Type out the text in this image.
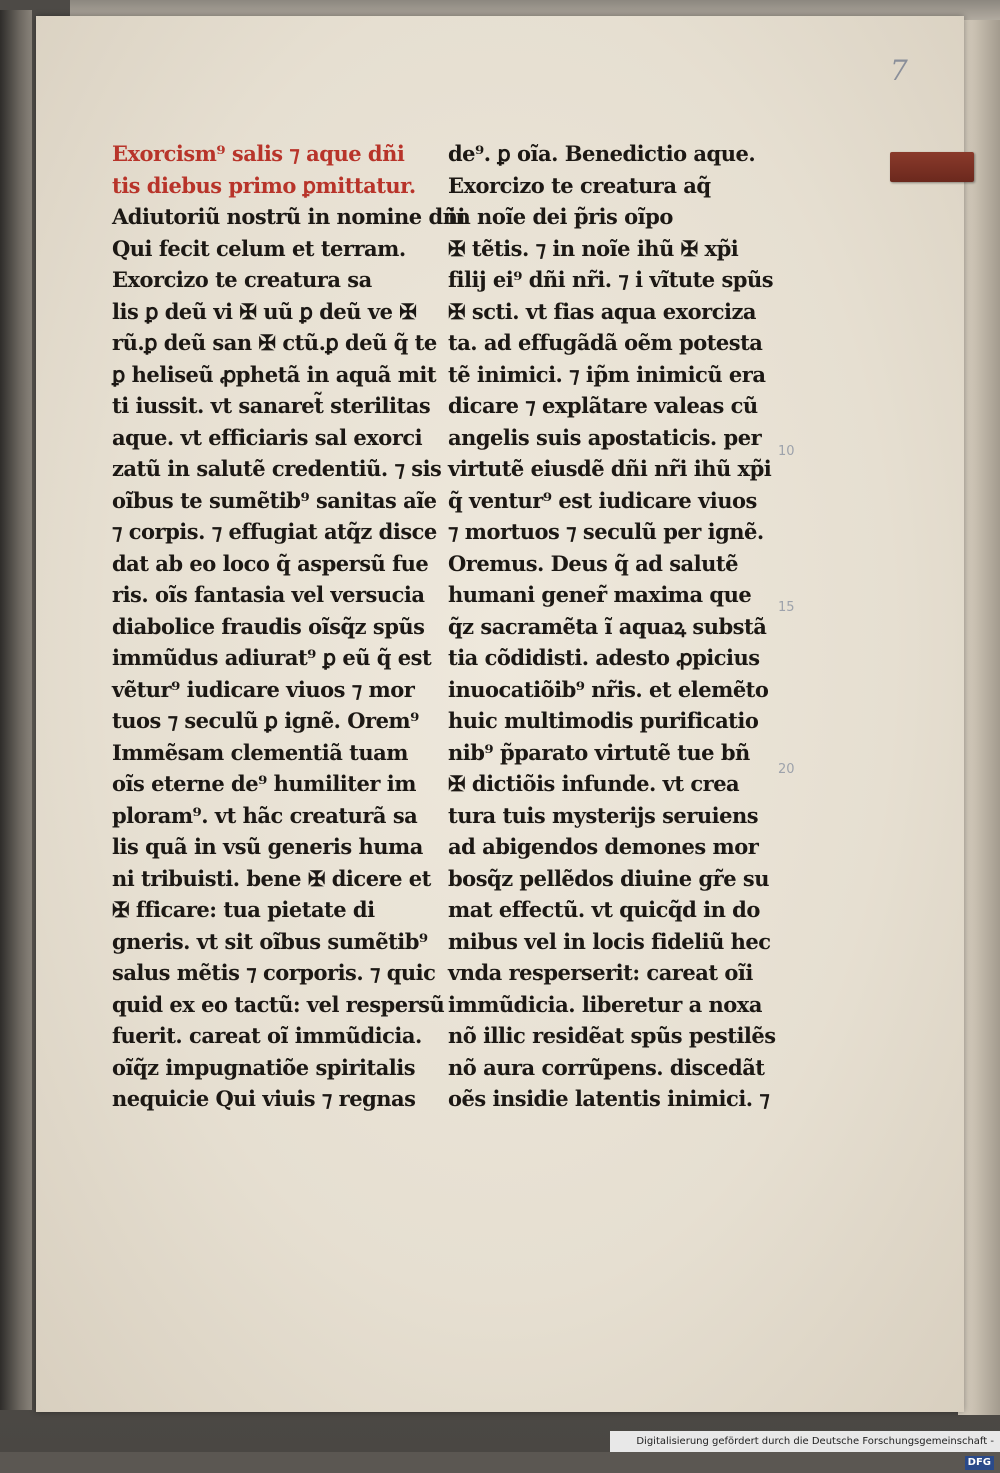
7
Exorcism⁹ salis ⁊ aque dñi
tis diebus primo ꝑmittatur.
Adiutoriũ nostrũ in nomine dñi
Qui fecit celum et terram.
Exorcizo te creatura sa
lis ꝑ deũ vi ✠ uũ ꝑ deũ ve ✠
rũ.ꝑ deũ san ✠ ctũ.ꝑ deũ q̃ te
ꝑ heliseũ ꝓphetã in aquã mit
ti iussit. vt sanaret̃ sterilitas
aque. vt efficiaris sal exorci
zatũ in salutẽ credentiũ. ⁊ sis
oĩbus te sumẽtib⁹ sanitas aĩe
⁊ corpis. ⁊ effugiat atq̃z disce
dat ab eo loco q̃ aspersũ fue
ris. oĩs fantasia vel versucia
diabolice fraudis oĩsq̃z spũs
immũdus adiurat⁹ ꝑ eũ q̃ est
vẽtur⁹ iudicare viuos ⁊ mor
tuos ⁊ seculũ ꝑ ignẽ. Orem⁹
Immẽsam clementiã tuam
oĩs eterne de⁹ humiliter im
ploram⁹. vt hãc creaturã sa
lis quã in vsũ generis huma
ni tribuisti. bene ✠ dicere et
✠ fficare: tua pietate di
gneris. vt sit oĩbus sumẽtib⁹
salus mẽtis ⁊ corporis. ⁊ quic
quid ex eo tactũ: vel respersũ
fuerit. careat oĩ immũdicia.
oĩq̃z impugnatiõe spiritalis
nequicie Qui viuis ⁊ regnas
de⁹. ꝑ oĩa. Benedictio aque.
Exorcizo te creatura aq̃
in noĩe dei p̃ris oĩpo
✠ tẽtis. ⁊ in noĩe ihũ ✠ xp̃i
filij ei⁹ dñi nr̃i. ⁊ i vĩtute spũs
✠ scti. vt fias aqua exorciza
ta. ad effugãdã oẽm potesta
tẽ inimici. ⁊ ip̃m inimicũ era
dicare ⁊ explãtare valeas cũ
angelis suis apostaticis. per
virtutẽ eiusdẽ dñi nr̃i ihũ xp̃i
q̃ ventur⁹ est iudicare viuos
⁊ mortuos ⁊ seculũ per ignẽ.
Oremus. Deus q̃ ad salutẽ
humani gener̃ maxima que
q̃z sacramẽta ĩ aquaꝝ substã
tia cõdidisti. adesto ꝓpicius
inuocatiõib⁹ nr̃is. et elemẽto
huic multimodis purificatio
nib⁹ p̃parato virtutẽ tue bñ
✠ dictiõis infunde. vt crea
tura tuis mysterijs seruiens
ad abigendos demones mor
bosq̃z pellẽdos diuine gr̃e su
mat effectũ. vt quicq̃d in do
mibus vel in locis fideliũ hec
vnda resperserit: careat oĩi
immũdicia. liberetur a noxa
nõ illic residẽat spũs pestilẽs
nõ aura corrũpens. discedãt
oẽs insidie latentis inimici. ⁊
10
15
20
Digitalisierung gefördert durch die Deutsche Forschungsgemeinschaft -DFG
